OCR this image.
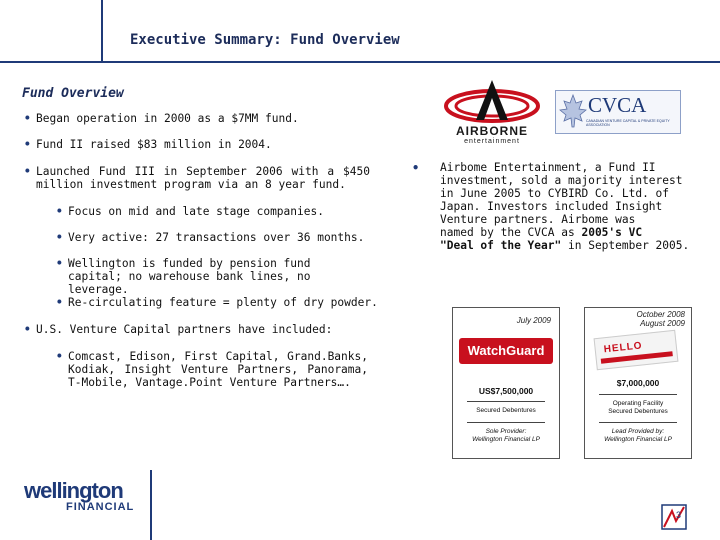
Executive Summary: Fund Overview
Fund Overview
• Began operation in 2000 as a $7MM fund.
• Fund II raised $83 million in 2004.
• Launched Fund III in September 2006 with a $450 million investment program via an 8 year fund.
• Focus on mid and late stage companies.
• Very active: 27 transactions over 36 months.
• Wellington is funded by pension fund capital; no warehouse bank lines, no leverage.
• Re-circulating feature = plenty of dry powder.
• U.S. Venture Capital partners have included:
• Comcast, Edison, First Capital, Grand.Banks, Kodiak, Insight Venture Partners, Panorama, T-Mobile, Vantage.Point Venture Partners….
AIRBORNE
entertainment
CVCA
CANADIAN VENTURE CAPITAL & PRIVATE EQUITY ASSOCIATION
• Airbome Entertainment, a Fund II
investment, sold a majority interest
in June 2005 to CYBIRD Co. Ltd. of
Japan. Investors included Insight
Venture partners. Airbome was
named by the CVCA as 2005's VC
"Deal of the Year" in September 2005.
July 2009
WatchGuard
US$7,500,000
Secured Debentures
Sole Provider:
Wellington Financial LP
October 2008
August 2009
HELLO
$7,000,000
Operating Facility
Secured Debentures
Lead Provided by:
Wellington Financial LP
wellington
FINANCIAL
3
